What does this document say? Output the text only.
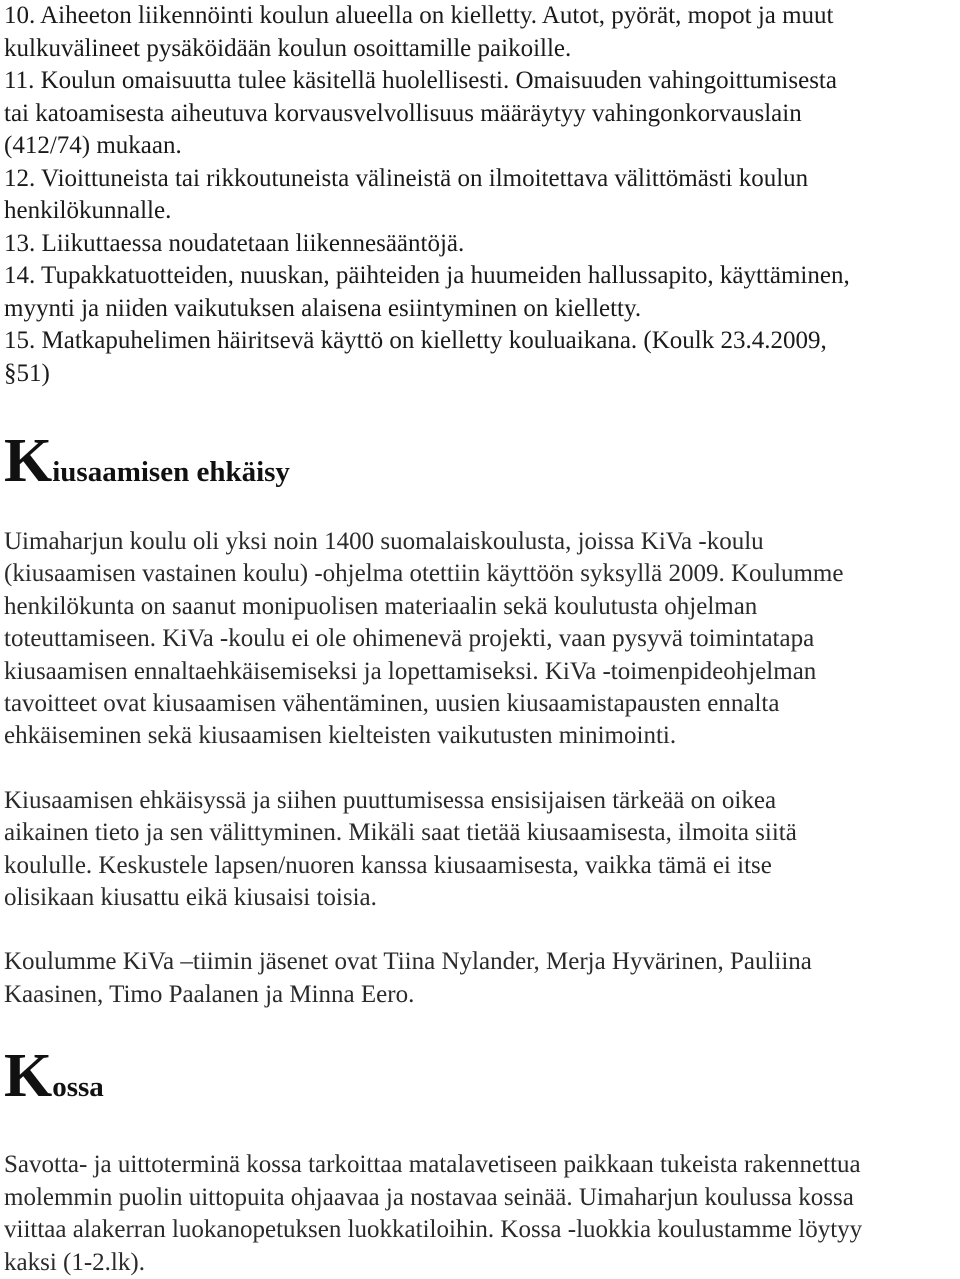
10. Aiheeton liikennöinti koulun alueella on kielletty. Autot, pyörät, mopot ja muut

kulkuvälineet pysäköidään koulun osoittamille paikoille.

11. Koulun omaisuutta tulee käsitellä huolellisesti. Omaisuuden vahingoittumisesta

tai katoamisesta aiheutuva korvausvelvollisuus määräytyy vahingonkorvauslain

(412/74) mukaan.

12. Vioittuneista tai rikkoutuneista välineistä on ilmoitettava välittömästi koulun

henkilökunnalle.

13. Liikuttaessa noudatetaan liikennesääntöjä.

14. Tupakkatuotteiden, nuuskan, päihteiden ja huumeiden hallussapito, käyttäminen,

myynti ja niiden vaikutuksen alaisena esiintyminen on kielletty.

15. Matkapuhelimen häiritsevä käyttö on kielletty kouluaikana. (Koulk 23.4.2009,

§51)

Kiusaamisen ehkäisy

Uimaharjun koulu oli yksi noin 1400 suomalaiskoulusta, joissa KiVa -koulu

(kiusaamisen vastainen koulu) -ohjelma otettiin käyttöön syksyllä 2009. Koulumme

henkilökunta on saanut monipuolisen materiaalin sekä koulutusta ohjelman

toteuttamiseen. KiVa -koulu ei ole ohimenevä projekti, vaan pysyvä toimintatapa

kiusaamisen ennaltaehkäisemiseksi ja lopettamiseksi. KiVa -toimenpideohjelman

tavoitteet ovat kiusaamisen vähentäminen, uusien kiusaamistapausten ennalta

ehkäiseminen sekä kiusaamisen kielteisten vaikutusten minimointi.

Kiusaamisen ehkäisyssä ja siihen puuttumisessa ensisijaisen tärkeää on oikea

aikainen tieto ja sen välittyminen. Mikäli saat tietää kiusaamisesta, ilmoita siitä

koululle. Keskustele lapsen/nuoren kanssa kiusaamisesta, vaikka tämä ei itse

olisikaan kiusattu eikä kiusaisi toisia.

Koulumme KiVa –tiimin jäsenet ovat Tiina Nylander, Merja Hyvärinen, Pauliina

Kaasinen, Timo Paalanen ja Minna Eero.

Kossa

Savotta- ja uittoterminä kossa tarkoittaa matalavetiseen paikkaan tukeista rakennettua

molemmin puolin uittopuita ohjaavaa ja nostavaa seinää. Uimaharjun koulussa kossa

viittaa alakerran luokanopetuksen luokkatiloihin. Kossa -luokkia koulustamme löytyy

kaksi (1-2.lk).
